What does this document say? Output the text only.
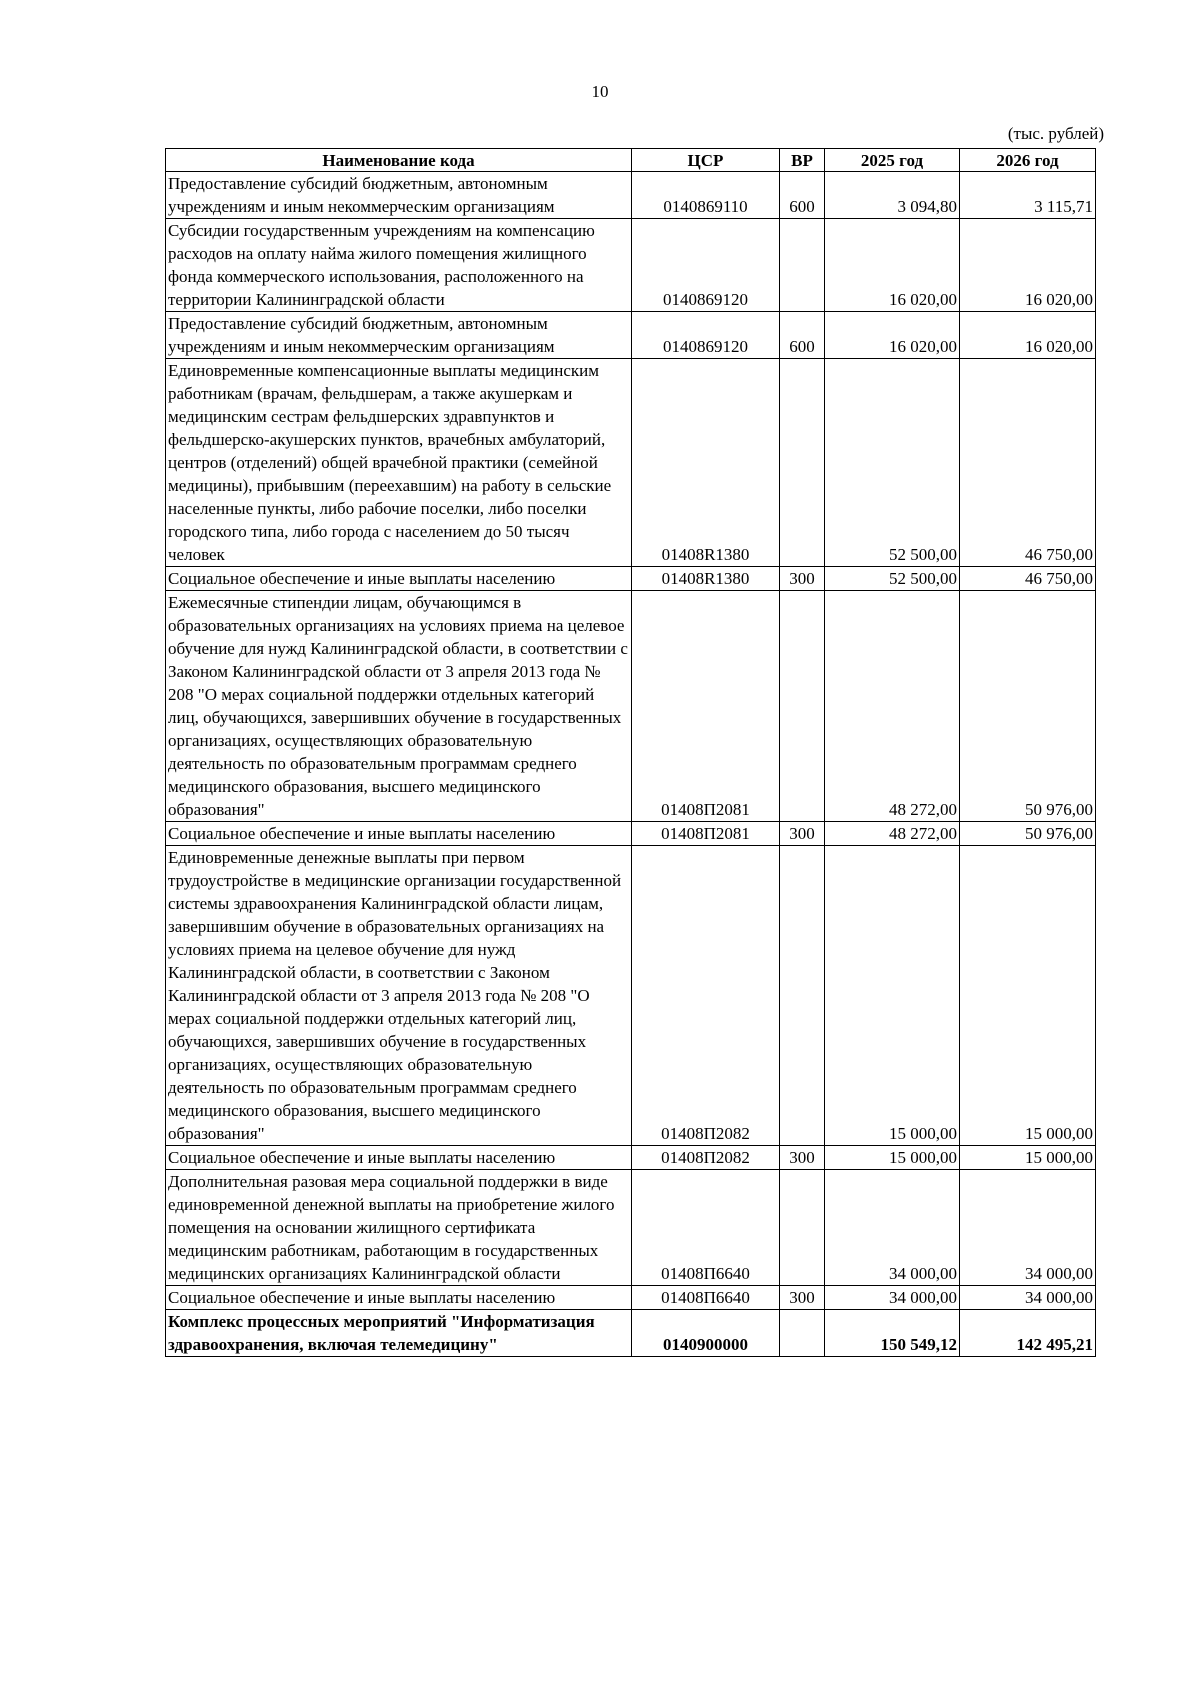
10
(тыс. рублей)
Наименование кода	ЦСР	ВР	2025 год	2026 год
Предоставление субсидий бюджетным, автономным учреждениям и иным некоммерческим организациям	0140869110	600	3 094,80	3 115,71
Субсидии государственным учреждениям на компенсацию расходов на оплату найма жилого помещения жилищного фонда коммерческого использования, расположенного на территории Калининградской области	0140869120		16 020,00	16 020,00
Предоставление субсидий бюджетным, автономным учреждениям и иным некоммерческим организациям	0140869120	600	16 020,00	16 020,00
Единовременные компенсационные выплаты медицинским работникам (врачам, фельдшерам, а также акушеркам и медицинским сестрам фельдшерских здравпунктов и фельдшерско-акушерских пунктов, врачебных амбулаторий, центров (отделений) общей врачебной практики (семейной медицины), прибывшим (переехавшим) на работу в сельские населенные пункты, либо рабочие поселки, либо поселки городского типа, либо города с населением до 50 тысяч человек	01408R1380		52 500,00	46 750,00
Социальное обеспечение и иные выплаты населению	01408R1380	300	52 500,00	46 750,00
Ежемесячные стипендии лицам, обучающимся в образовательных организациях на условиях приема на целевое обучение для нужд Калининградской области, в соответствии с Законом Калининградской области от 3 апреля 2013 года № 208 "О мерах социальной поддержки отдельных категорий лиц, обучающихся, завершивших обучение в государственных организациях, осуществляющих образовательную деятельность по образовательным программам среднего медицинского образования, высшего медицинского образования"	01408П2081		48 272,00	50 976,00
Социальное обеспечение и иные выплаты населению	01408П2081	300	48 272,00	50 976,00
Единовременные денежные выплаты при первом трудоустройстве в медицинские организации государственной системы здравоохранения Калининградской области лицам, завершившим обучение в образовательных организациях на условиях приема на целевое обучение для нужд Калининградской области, в соответствии с Законом Калининградской области от 3 апреля 2013 года № 208 "О мерах социальной поддержки отдельных категорий лиц, обучающихся, завершивших обучение в государственных организациях, осуществляющих образовательную деятельность по образовательным программам среднего медицинского образования, высшего медицинского образования"	01408П2082		15 000,00	15 000,00
Социальное обеспечение и иные выплаты населению	01408П2082	300	15 000,00	15 000,00
Дополнительная разовая мера социальной поддержки в виде единовременной денежной выплаты на приобретение жилого помещения на основании жилищного сертификата медицинским работникам, работающим в государственных медицинских организациях Калининградской области	01408П6640		34 000,00	34 000,00
Социальное обеспечение и иные выплаты населению	01408П6640	300	34 000,00	34 000,00
Комплекс процессных мероприятий "Информатизация здравоохранения, включая телемедицину"	0140900000		150 549,12	142 495,21
